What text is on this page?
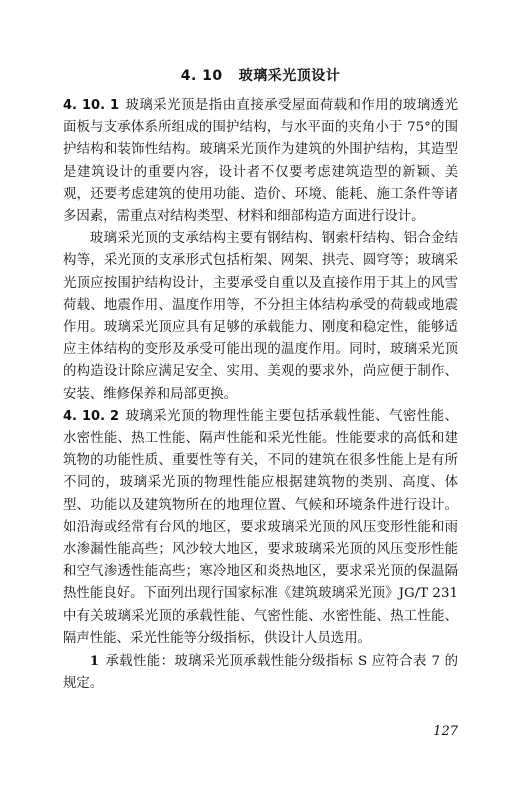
4. 10 玻璃采光顶设计

4. 10. 1 玻璃采光顶是指由直接承受屋面荷载和作用的玻璃透光面板与支承体系所组成的围护结构，与水平面的夹角小于 75°的围护结构和装饰性结构。玻璃采光顶作为建筑的外围护结构，其造型是建筑设计的重要内容，设计者不仅要考虑建筑造型的新颖、美观，还要考虑建筑的使用功能、造价、环境、能耗、施工条件等诸多因素，需重点对结构类型、材料和细部构造方面进行设计。

玻璃采光顶的支承结构主要有钢结构、钢索杆结构、铝合金结构等，采光顶的支承形式包括桁架、网架、拱壳、圆穹等；玻璃采光顶应按围护结构设计，主要承受自重以及直接作用于其上的风雪荷载、地震作用、温度作用等，不分担主体结构承受的荷载或地震作用。玻璃采光顶应具有足够的承载能力、刚度和稳定性，能够适应主体结构的变形及承受可能出现的温度作用。同时，玻璃采光顶的构造设计除应满足安全、实用、美观的要求外，尚应便于制作、安装、维修保养和局部更换。

4. 10. 2 玻璃采光顶的物理性能主要包括承载性能、气密性能、水密性能、热工性能、隔声性能和采光性能。性能要求的高低和建筑物的功能性质、重要性等有关，不同的建筑在很多性能上是有所不同的，玻璃采光顶的物理性能应根据建筑物的类别、高度、体型、功能以及建筑物所在的地理位置、气候和环境条件进行设计。如沿海或经常有台风的地区，要求玻璃采光顶的风压变形性能和雨水渗漏性能高些；风沙较大地区，要求玻璃采光顶的风压变形性能和空气渗透性能高些；寒冷地区和炎热地区，要求采光顶的保温隔热性能良好。下面列出现行国家标准《建筑玻璃采光顶》JG/T 231 中有关玻璃采光顶的承载性能、气密性能、水密性能、热工性能、隔声性能、采光性能等分级指标，供设计人员选用。

1 承载性能：玻璃采光顶承载性能分级指标 S 应符合表 7 的规定。

127
